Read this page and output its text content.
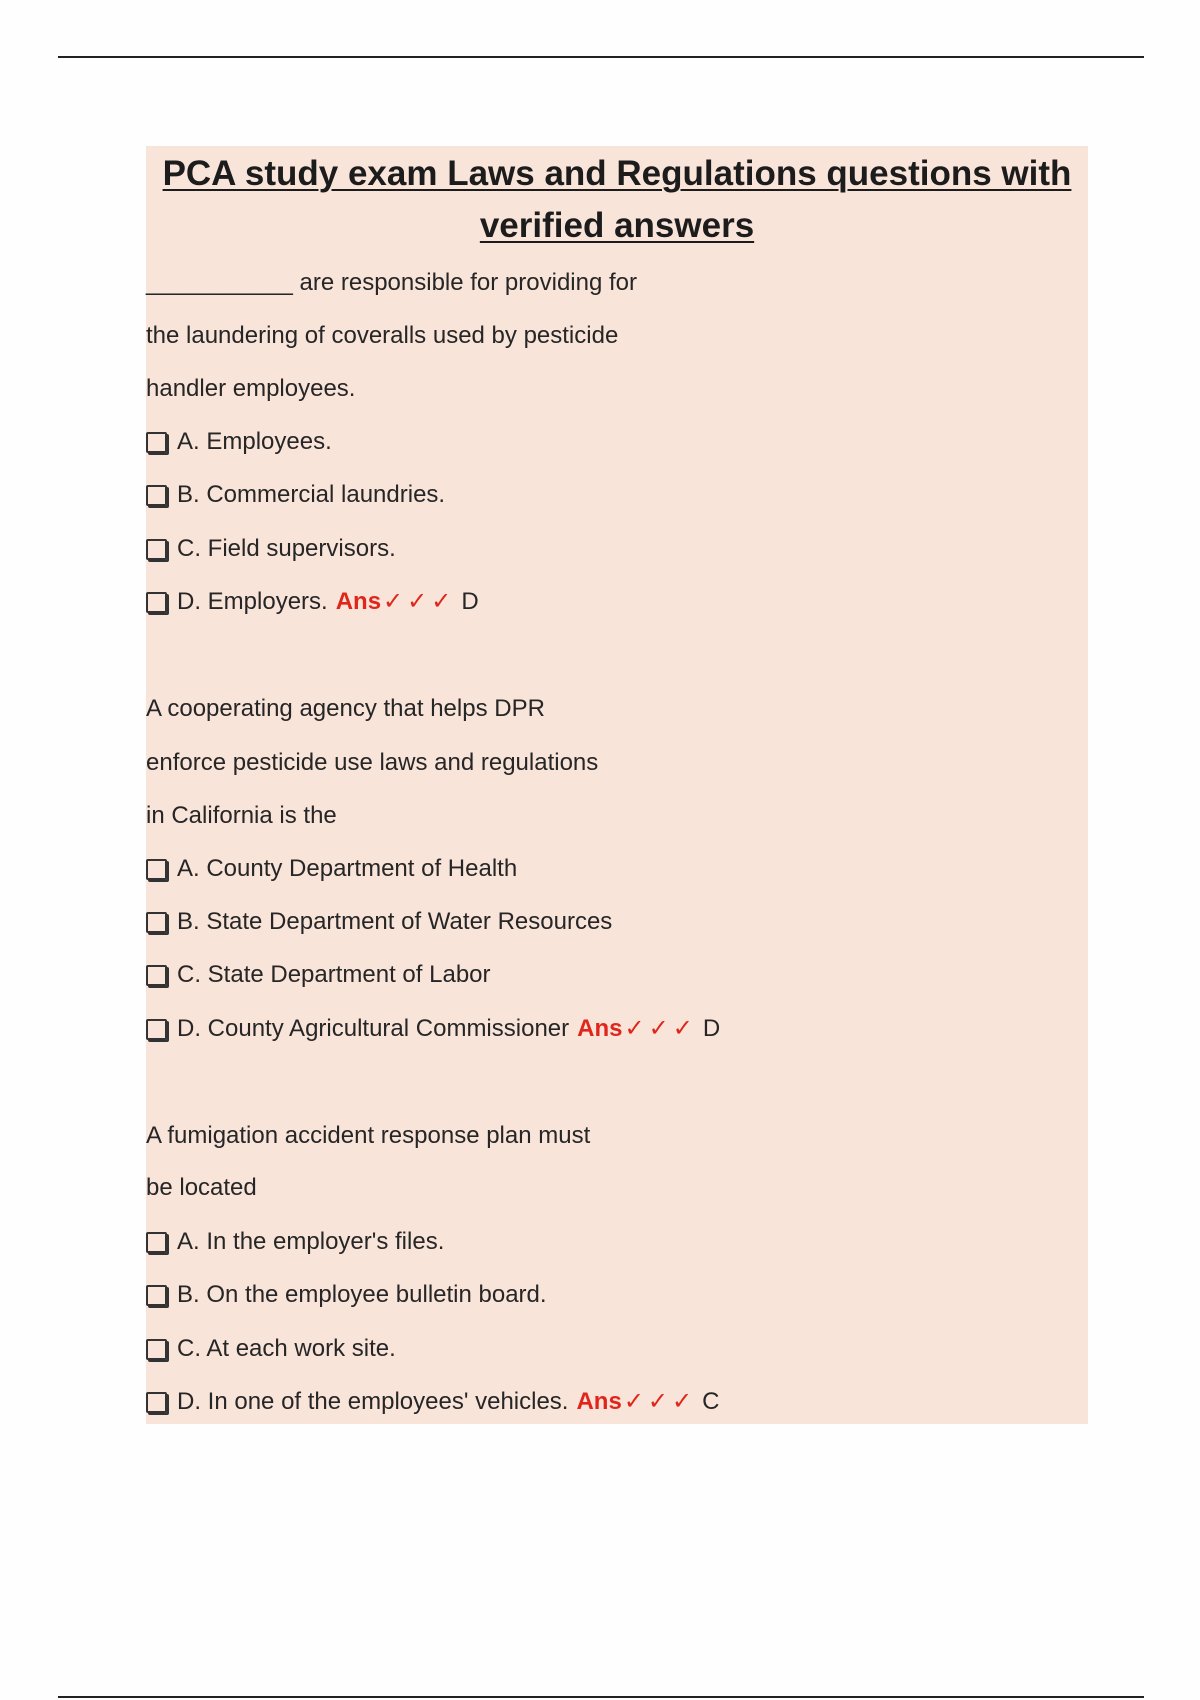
PCA study exam Laws and Regulations questions with
verified answers
___________ are responsible for providing for
the laundering of coveralls used by pesticide
handler employees.
A. Employees.
B. Commercial laundries.
C. Field supervisors.
D. Employers. Ans ✓✓✓ D
A cooperating agency that helps DPR
enforce pesticide use laws and regulations
in California is the
A. County Department of Health
B. State Department of Water Resources
C. State Department of Labor
D. County Agricultural Commissioner Ans ✓✓✓ D
A fumigation accident response plan must
be located
A. In the employer's files.
B. On the employee bulletin board.
C. At each work site.
D. In one of the employees' vehicles. Ans ✓✓✓ C
